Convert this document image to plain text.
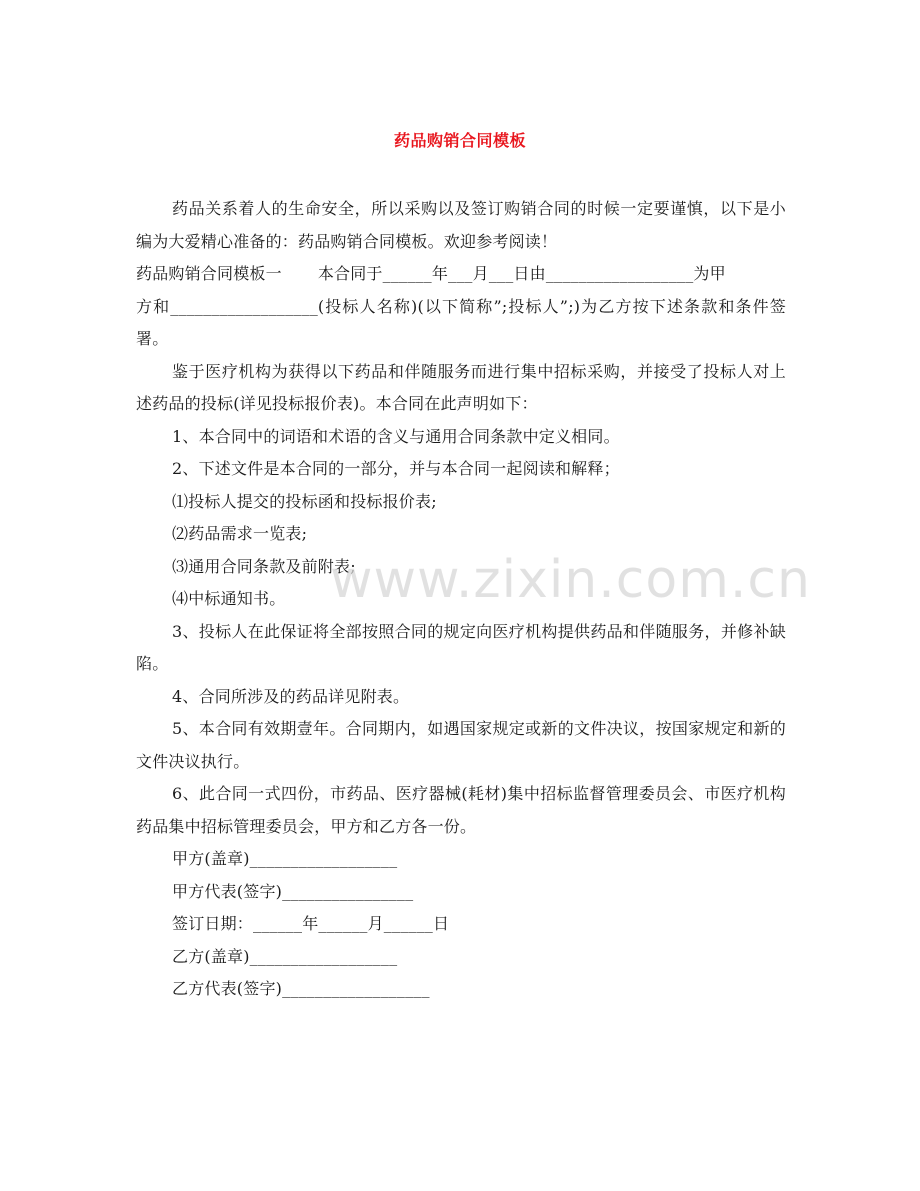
药品购销合同模板

药品关系着人的生命安全，所以采购以及签订购销合同的时候一定要谨慎，以下是小编为大爱精心准备的：药品购销合同模板。欢迎参考阅读！

药品购销合同模板一 本合同于______年___月___日由__________________为甲

方和__________________(投标人名称)(以下简称”;投标人”;)为乙方按下述条款和条件签署。

鉴于医疗机构为获得以下药品和伴随服务而进行集中招标采购，并接受了投标人对上述药品的投标(详见投标报价表)。本合同在此声明如下：

1、本合同中的词语和术语的含义与通用合同条款中定义相同。

2、下述文件是本合同的一部分，并与本合同一起阅读和解释；

⑴投标人提交的投标函和投标报价表;

⑵药品需求一览表;

⑶通用合同条款及前附表;

⑷中标通知书。

3、投标人在此保证将全部按照合同的规定向医疗机构提供药品和伴随服务，并修补缺陷。

4、合同所涉及的药品详见附表。

5、本合同有效期壹年。合同期内，如遇国家规定或新的文件决议，按国家规定和新的文件决议执行。

6、此合同一式四份，市药品、医疗器械(耗材)集中招标监督管理委员会、市医疗机构药品集中招标管理委员会，甲方和乙方各一份。

甲方(盖章)__________________

甲方代表(签字)________________

签订日期：______年______月______日

乙方(盖章)__________________

乙方代表(签字)__________________

www.zixin.com.cn
